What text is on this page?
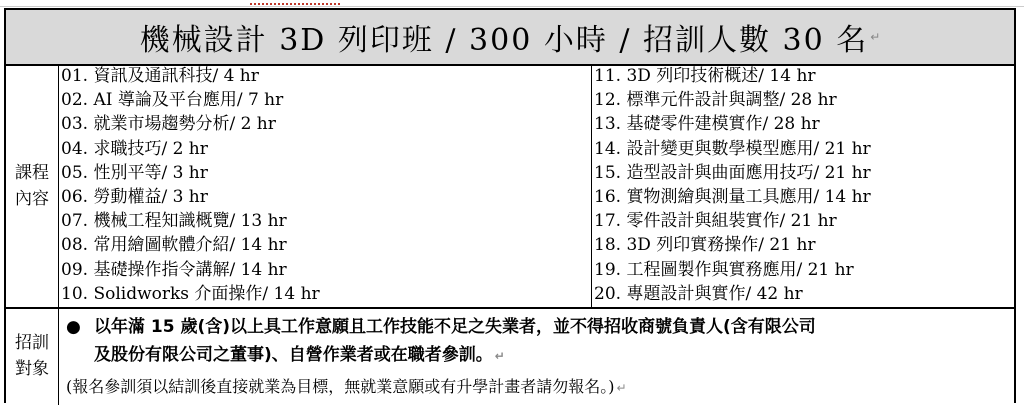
機械設計 3D 列印班 / 300 小時 / 招訓人數 30 名 ↵
課程
內容
01. 資訊及通訊科技/ 4 hr
02. AI 導論及平台應用/ 7 hr
03. 就業市場趨勢分析/ 2 hr
04. 求職技巧/ 2 hr
05. 性別平等/ 3 hr
06. 勞動權益/ 3 hr
07. 機械工程知識概覽/ 13 hr
08. 常用繪圖軟體介紹/ 14 hr
09. 基礎操作指令講解/ 14 hr
10. Solidworks 介面操作/ 14 hr
11. 3D 列印技術概述/ 14 hr
12. 標準元件設計與調整/ 28 hr
13. 基礎零件建模實作/ 28 hr
14. 設計變更與數學模型應用/ 21 hr
15. 造型設計與曲面應用技巧/ 21 hr
16. 實物測繪與測量工具應用/ 14 hr
17. 零件設計與組裝實作/ 21 hr
18. 3D 列印實務操作/ 21 hr
19. 工程圖製作與實務應用/ 21 hr
20. 專題設計與實作/ 42 hr
招訓
對象
● 以年滿 15 歲(含)以上具工作意願且工作技能不足之失業者，並不得招收商號負責人(含有限公司
及股份有限公司之董事)、自營作業者或在職者參訓。 ↵
(報名參訓須以結訓後直接就業為目標，無就業意願或有升學計畫者請勿報名。) ↵
